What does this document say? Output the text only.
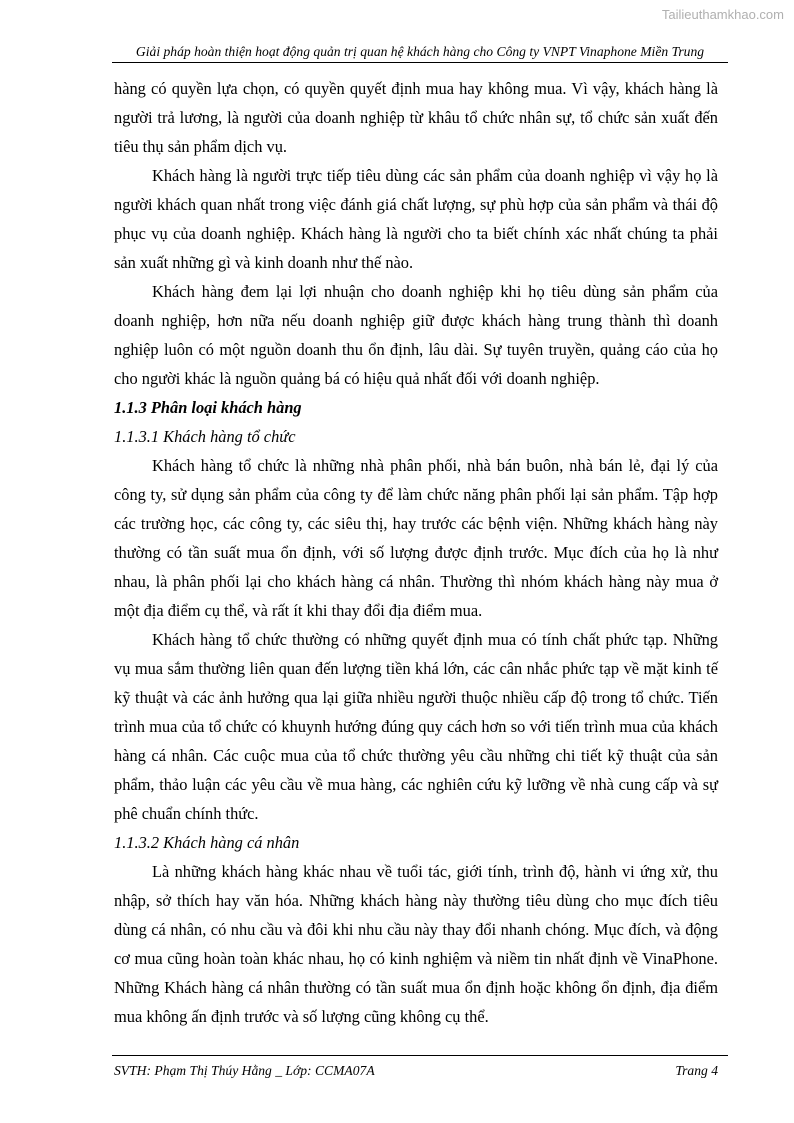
Tailieuthamkhao.com
Giải pháp hoàn thiện hoạt động quản trị quan hệ khách hàng cho Công ty VNPT Vinaphone Miền Trung

hàng có quyền lựa chọn, có quyền quyết định mua hay không mua. Vì vậy, khách hàng là người trả lương, là người của doanh nghiệp từ khâu tổ chức nhân sự, tổ chức sản xuất đến tiêu thụ sản phẩm dịch vụ.

Khách hàng là người trực tiếp tiêu dùng các sản phẩm của doanh nghiệp vì vậy họ là người khách quan nhất trong việc đánh giá chất lượng, sự phù hợp của sản phẩm và thái độ phục vụ của doanh nghiệp. Khách hàng là người cho ta biết chính xác nhất chúng ta phải sản xuất những gì và kinh doanh như thế nào.

Khách hàng đem lại lợi nhuận cho doanh nghiệp khi họ tiêu dùng sản phẩm của doanh nghiệp, hơn nữa nếu doanh nghiệp giữ được khách hàng trung thành thì doanh nghiệp luôn có một nguồn doanh thu ổn định, lâu dài. Sự tuyên truyền, quảng cáo của họ cho người khác là nguồn quảng bá có hiệu quả nhất đối với doanh nghiệp.

1.1.3 Phân loại khách hàng
1.1.3.1 Khách hàng tổ chức

Khách hàng tổ chức là những nhà phân phối, nhà bán buôn, nhà bán lẻ, đại lý của công ty, sử dụng sản phẩm của công ty để làm chức năng phân phối lại sản phẩm. Tập hợp các trường học, các công ty, các siêu thị, hay trước các bệnh viện. Những khách hàng này thường có tần suất mua ổn định, với số lượng được định trước. Mục đích của họ là như nhau, là phân phối lại cho khách hàng cá nhân. Thường thì nhóm khách hàng này mua ở một địa điểm cụ thể, và rất ít khi thay đổi địa điểm mua.

Khách hàng tổ chức thường có những quyết định mua có tính chất phức tạp. Những vụ mua sắm thường liên quan đến lượng tiền khá lớn, các cân nhắc phức tạp về mặt kinh tế kỹ thuật và các ảnh hưởng qua lại giữa nhiều người thuộc nhiều cấp độ trong tổ chức. Tiến trình mua của tổ chức có khuynh hướng đúng quy cách hơn so với tiến trình mua của khách hàng cá nhân. Các cuộc mua của tổ chức thường yêu cầu những chi tiết kỹ thuật của sản phẩm, thảo luận các yêu cầu về mua hàng, các nghiên cứu kỹ lưỡng về nhà cung cấp và sự phê chuẩn chính thức.

1.1.3.2 Khách hàng cá nhân

Là những khách hàng khác nhau về tuổi tác, giới tính, trình độ, hành vi ứng xử, thu nhập, sở thích hay văn hóa. Những khách hàng này thường tiêu dùng cho mục đích tiêu dùng cá nhân, có nhu cầu và đôi khi nhu cầu này thay đổi nhanh chóng. Mục đích, và động cơ mua cũng hoàn toàn khác nhau, họ có kinh nghiệm và niềm tin nhất định về VinaPhone. Những Khách hàng cá nhân thường có tần suất mua ổn định hoặc không ổn định, địa điểm mua không ấn định trước và số lượng cũng không cụ thể.

SVTH: Phạm Thị Thúy Hằng _ Lớp: CCMA07A	Trang 4
